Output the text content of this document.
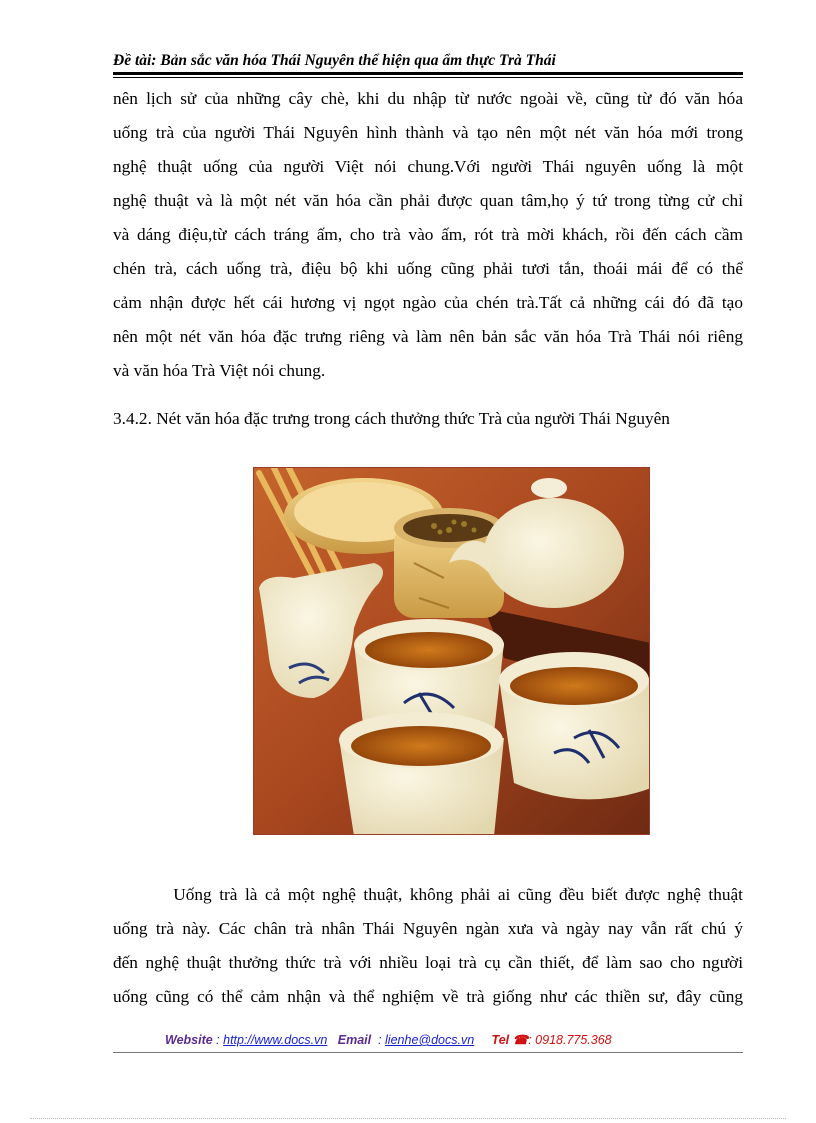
Đề tài: Bản sắc văn hóa Thái Nguyên thể hiện qua ẩm thực Trà Thái
nên lịch sử của những cây chè, khi du nhập từ nước ngoài về, cũng từ đó văn hóa
uống trà của người Thái Nguyên hình thành và tạo nên một nét văn hóa mới trong
nghệ thuật uống của người Việt nói chung.Với người Thái nguyên uống là một
nghệ thuật và là một nét văn hóa cần phải được quan tâm,họ ý tứ trong từng cử chỉ
và dáng điệu,từ cách tráng ấm, cho trà vào ấm, rót trà mời khách, rồi đến cách cầm
chén trà, cách uống trà, điệu bộ khi uống cũng phải tươi tắn, thoái mái để có thể
cảm nhận được hết cái hương vị ngọt ngào của chén trà.Tất cả những cái đó đã tạo
nên một nét văn hóa đặc trưng riêng và làm nên bản sắc văn hóa Trà Thái nói riêng
và văn hóa Trà Việt nói chung.
3.4.2. Nét văn hóa đặc trưng trong cách thưởng thức Trà của người Thái Nguyên
Uống trà là cả một nghệ thuật, không phải ai cũng đều biết được nghệ thuật
uống trà này. Các chân trà nhân Thái Nguyên ngàn xưa và ngày nay vẫn rất chú ý
đến nghệ thuật thưởng thức trà với nhiều loại trà cụ cần thiết, để làm sao cho người
uống cũng có thể cảm nhận và thể nghiệm về trà giống như các thiền sư, đây cũng
Website : http://www.docs.vn Email  : lienhe@docs.vn Tel ☎: 0918.775.368
